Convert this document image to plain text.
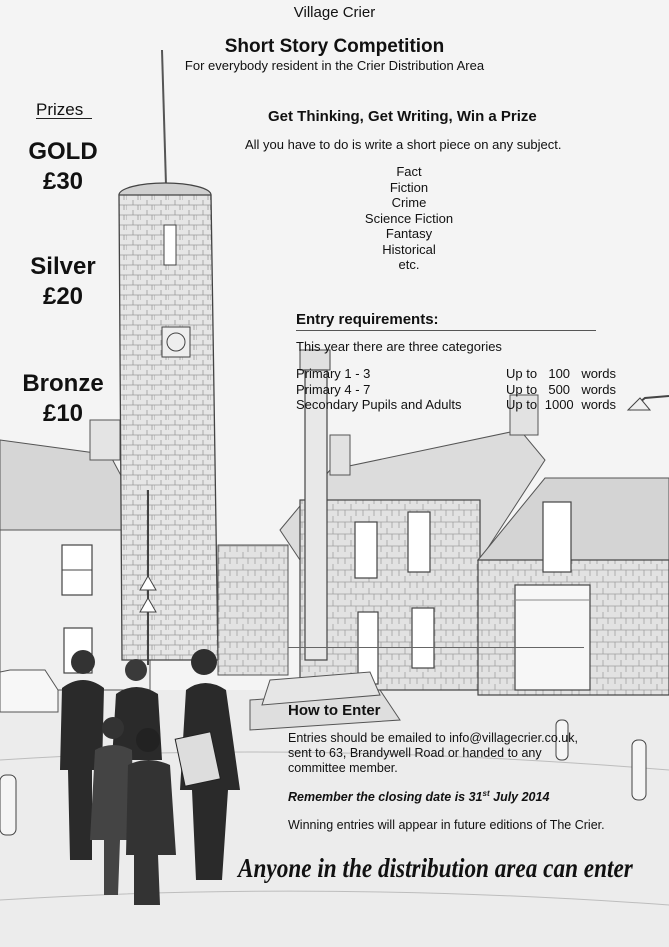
Village Crier
Short Story Competition
For everybody resident in the Crier Distribution Area
Prizes
GOLD
£30
Silver
£20
Bronze
£10
Get Thinking, Get Writing, Win a Prize
All you have to do is write a short piece on any subject.
Fact
Fiction
Crime
Science Fiction
Fantasy
Historical
etc.
Entry requirements:
This year there are three categories
Primary 1 - 3	Up to 100 words
Primary 4 - 7	Up to 500 words
Secondary Pupils and Adults	Up to 1000 words
How to Enter
Entries should be emailed to info@villagecrier.co.uk,
sent to 63, Brandywell Road or handed to any
committee member.
Remember the closing date is 31st July 2014
Winning entries will appear in future editions of The Crier.
Anyone in the distribution area can enter
